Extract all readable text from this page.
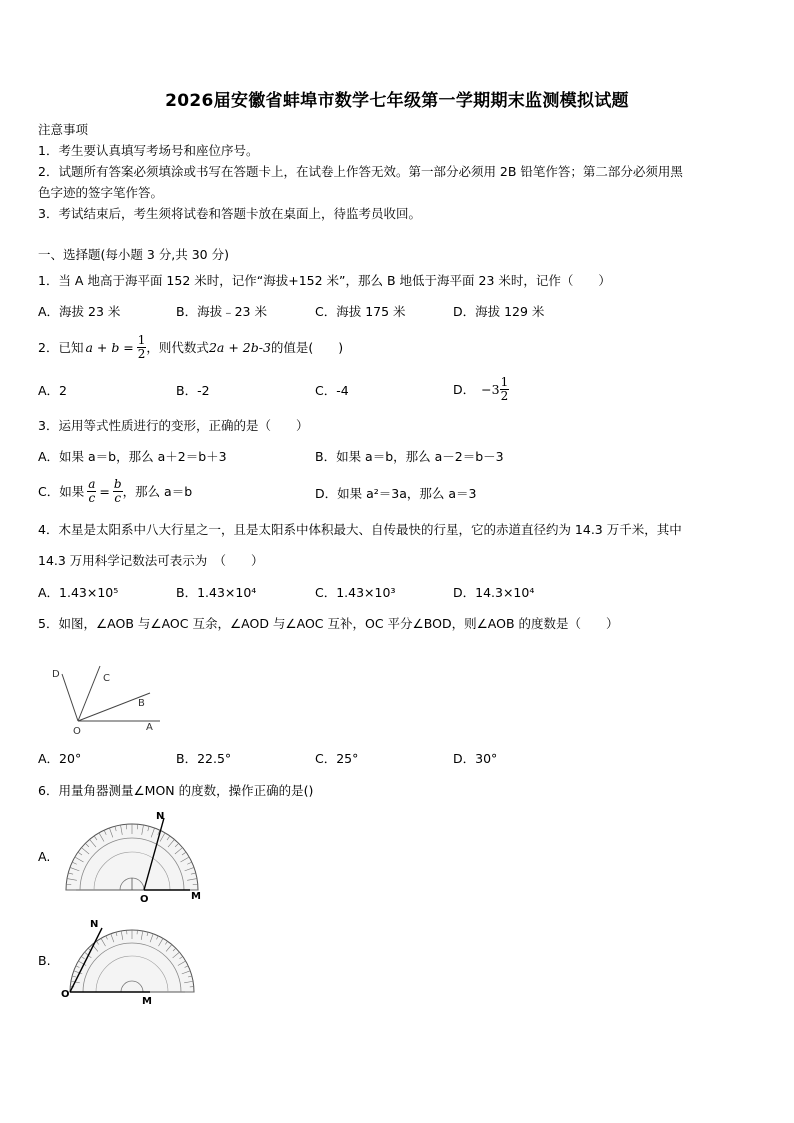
2026届安徽省蚌埠市数学七年级第一学期期末监测模拟试题
注意事项
1．考生要认真填写考场号和座位序号。
2．试题所有答案必须填涂或书写在答题卡上，在试卷上作答无效。第一部分必须用 2B 铅笔作答；第二部分必须用黑
色字迹的签字笔作答。
3．考试结束后，考生须将试卷和答题卡放在桌面上，待监考员收回。
一、选择题(每小题 3 分,共 30 分)
1．当 A 地高于海平面 152 米时，记作“海拔+152 米”，那么 B 地低于海平面 23 米时，记作（　　）
A．海拔 23 米	B．海拔﹣23 米	C．海拔 175 米	D．海拔 129 米
2．已知 $a + b = \frac{1}{2}$ ，则代数式 2a + 2b-3 的值是(　　)
A．2	B．-2	C．-4	D． $-3 \frac{1}{2}$
3．运用等式性质进行的变形，正确的是（　　）
A．如果 a＝b，那么 a＋2＝b＋3	B．如果 a＝b，那么 a－2＝b－3
C．如果 $\frac{a}{c} = \frac{b}{c}$ ，那么 a＝b	D．如果 a²＝3a，那么 a＝3
4．木星是太阳系中八大行星之一，且是太阳系中体积最大、自传最快的行星，它的赤道直径约为 14.3 万千米，其中
14.3 万用科学记数法可表示为　（　　）
A．1.43×10⁵	B．1.43×10⁴	C．1.43×10³	D．14.3×10⁴
5．如图，∠AOB 与∠AOC 互余，∠AOD 与∠AOC 互补，OC 平分∠BOD，则∠AOB 的度数是（　　）
D	C
B
O	A
A．20°	B．22.5°	C．25°	D．30°
6．用量角器测量∠MON 的度数，操作正确的是()
A.
N
O	M
B.
N
O
M
